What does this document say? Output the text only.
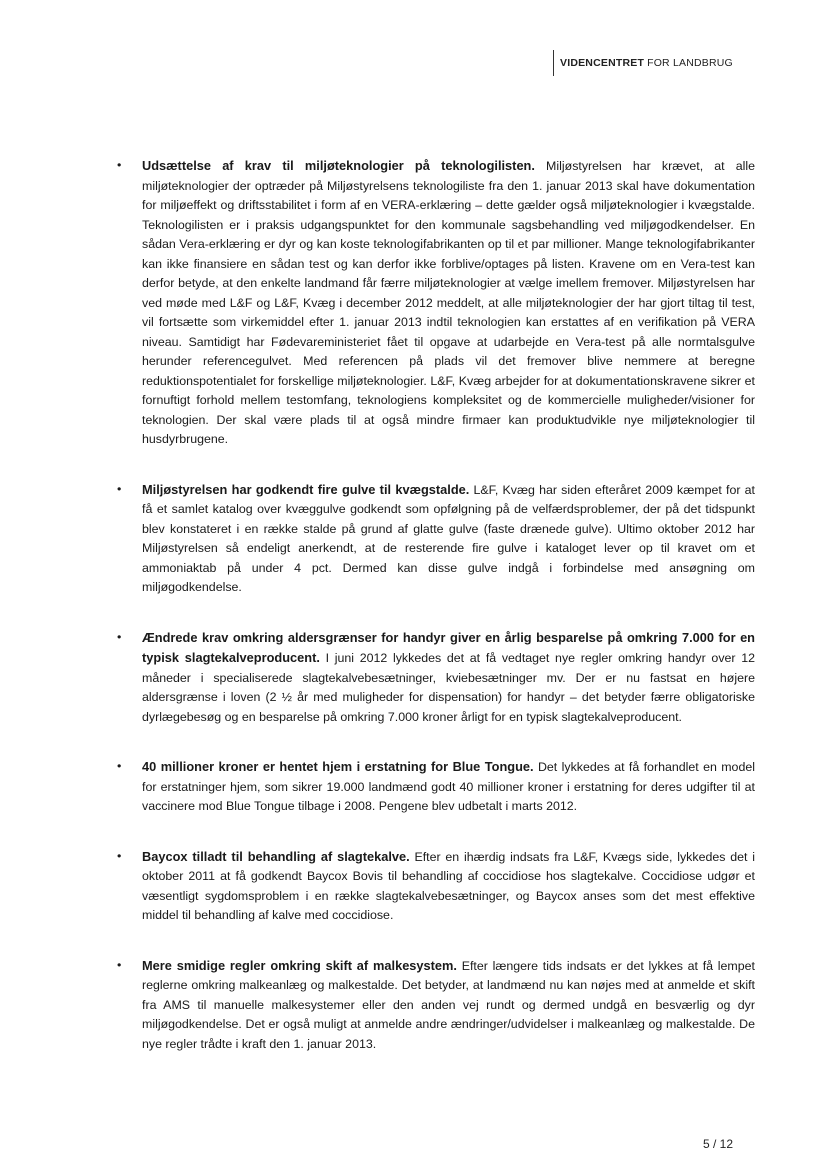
VIDENCENTRET FOR LANDBRUG

• Udsættelse af krav til miljøteknologier på teknologilisten. Miljøstyrelsen har krævet, at alle miljøteknologier der optræder på Miljøstyrelsens teknologiliste fra den 1. januar 2013 skal have dokumentation for miljøeffekt og driftsstabilitet i form af en VERA-erklæring – dette gælder også miljøteknologier i kvægstalde. Teknologilisten er i praksis udgangspunktet for den kommunale sagsbehandling ved miljøgodkendelser. En sådan Vera-erklæring er dyr og kan koste teknologifabrikanten op til et par millioner. Mange teknologifabrikanter kan ikke finansiere en sådan test og kan derfor ikke forblive/optages på listen. Kravene om en Vera-test kan derfor betyde, at den enkelte landmand får færre miljøteknologier at vælge imellem fremover. Miljøstyrelsen har ved møde med L&F og L&F, Kvæg i december 2012 meddelt, at alle miljøteknologier der har gjort tiltag til test, vil fortsætte som virkemiddel efter 1. januar 2013 indtil teknologien kan erstattes af en verifikation på VERA niveau. Samtidigt har Fødevareministeriet fået til opgave at udarbejde en Vera-test på alle normtalsgulve herunder referencegulvet. Med referencen på plads vil det fremover blive nemmere at beregne reduktionspotentialet for forskellige miljøteknologier. L&F, Kvæg arbejder for at dokumentationskravene sikrer et fornuftigt forhold mellem testomfang, teknologiens kompleksitet og de kommercielle muligheder/visioner for teknologien. Der skal være plads til at også mindre firmaer kan produktudvikle nye miljøteknologier til husdyrbrugene.

• Miljøstyrelsen har godkendt fire gulve til kvægstalde. L&F, Kvæg har siden efteråret 2009 kæmpet for at få et samlet katalog over kvæggulve godkendt som opfølgning på de velfærdsproblemer, der på det tidspunkt blev konstateret i en række stalde på grund af glatte gulve (faste drænede gulve). Ultimo oktober 2012 har Miljøstyrelsen så endeligt anerkendt, at de resterende fire gulve i kataloget lever op til kravet om et ammoniaktab på under 4 pct. Dermed kan disse gulve indgå i forbindelse med ansøgning om miljøgodkendelse.

• Ændrede krav omkring aldersgrænser for handyr giver en årlig besparelse på omkring 7.000 for en typisk slagtekalveproducent. I juni 2012 lykkedes det at få vedtaget nye regler omkring handyr over 12 måneder i specialiserede slagtekalvebesætninger, kviebesætninger mv. Der er nu fastsat en højere aldersgrænse i loven (2 ½ år med muligheder for dispensation) for handyr – det betyder færre obligatoriske dyrlægebesøg og en besparelse på omkring 7.000 kroner årligt for en typisk slagtekalveproducent.

• 40 millioner kroner er hentet hjem i erstatning for Blue Tongue. Det lykkedes at få forhandlet en model for erstatninger hjem, som sikrer 19.000 landmænd godt 40 millioner kroner i erstatning for deres udgifter til at vaccinere mod Blue Tongue tilbage i 2008. Pengene blev udbetalt i marts 2012.

• Baycox tilladt til behandling af slagtekalve. Efter en ihærdig indsats fra L&F, Kvægs side, lykkedes det i oktober 2011 at få godkendt Baycox Bovis til behandling af coccidiose hos slagtekalve. Coccidiose udgør et væsentligt sygdomsproblem i en række slagtekalvebesætninger, og Baycox anses som det mest effektive middel til behandling af kalve med coccidiose.

• Mere smidige regler omkring skift af malkesystem. Efter længere tids indsats er det lykkes at få lempet reglerne omkring malkeanlæg og malkestalde. Det betyder, at landmænd nu kan nøjes med at anmelde et skift fra AMS til manuelle malkesystemer eller den anden vej rundt og dermed undgå en besværlig og dyr miljøgodkendelse. Det er også muligt at anmelde andre ændringer/udvidelser i malkeanlæg og malkestalde. De nye regler trådte i kraft den 1. januar 2013.

5 / 12
